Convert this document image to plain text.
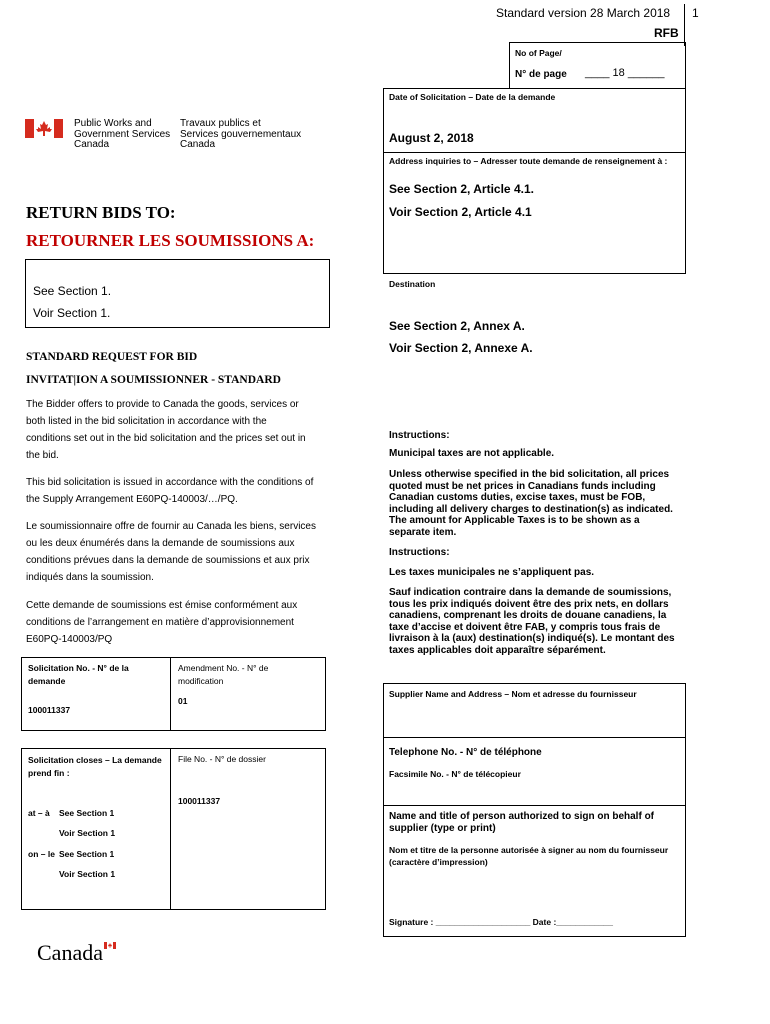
Standard version 28 March 2018 1
RFB
No of Page/
N° de page ____ 18 ______
Public Works and
Government Services
Canada
Travaux publics et
Services gouvernementaux
Canada
RETURN BIDS TO:
RETOURNER LES SOUMISSIONS A:
See Section 1.
Voir Section 1.
STANDARD REQUEST FOR BID
INVITAT|ION A SOUMISSIONNER - STANDARD
The Bidder offers to provide to Canada the goods, services or
both listed in the bid solicitation in accordance with the
conditions set out in the bid solicitation and the prices set out in
the bid.
This bid solicitation is issued in accordance with the conditions of
the Supply Arrangement E60PQ-140003/…/PQ.
Le soumissionnaire offre de fournir au Canada les biens, services
ou les deux énumérés dans la demande de soumissions aux
conditions prévues dans la demande de soumissions et aux prix
indiqués dans la soumission.
Cette demande de soumissions est émise conformément aux
conditions de l’arrangement en matière d’approvisionnement
E60PQ-140003/PQ
Solicitation No. - N° de la
demande
100011337
Amendment No. - N° de
modification
01
Solicitation closes – La demande
prend fin :
File No. - N° de dossier
100011337
at – à See Section 1
Voir Section 1
on – le See Section 1
Voir Section 1
Canada
Date of Solicitation – Date de la demande
August 2, 2018
Address inquiries to – Adresser toute demande de renseignement à :
See Section 2, Article 4.1.
Voir Section 2, Article 4.1
Destination
See Section 2, Annex A.
Voir Section 2, Annexe A.
Instructions:
Municipal taxes are not applicable.
Unless otherwise specified in the bid solicitation, all prices
quoted must be net prices in Canadians funds including
Canadian customs duties, excise taxes, must be FOB,
including all delivery charges to destination(s) as indicated.
The amount for Applicable Taxes is to be shown as a
separate item.
Instructions:
Les taxes municipales ne s’appliquent pas.
Sauf indication contraire dans la demande de soumissions,
tous les prix indiqués doivent être des prix nets, en dollars
canadiens, comprenant les droits de douane canadiens, la
taxe d’accise et doivent être FAB, y compris tous frais de
livraison à la (aux) destination(s) indiqué(s). Le montant des
taxes applicables doit apparaître séparément.
Supplier Name and Address – Nom et adresse du fournisseur
Telephone No. - N° de téléphone
Facsimile No. - N° de télécopieur
Name and title of person authorized to sign on behalf of
supplier (type or print)
Nom et titre de la personne autorisée à signer au nom du fournisseur
(caractère d’impression)
Signature : ____________________ Date :____________
